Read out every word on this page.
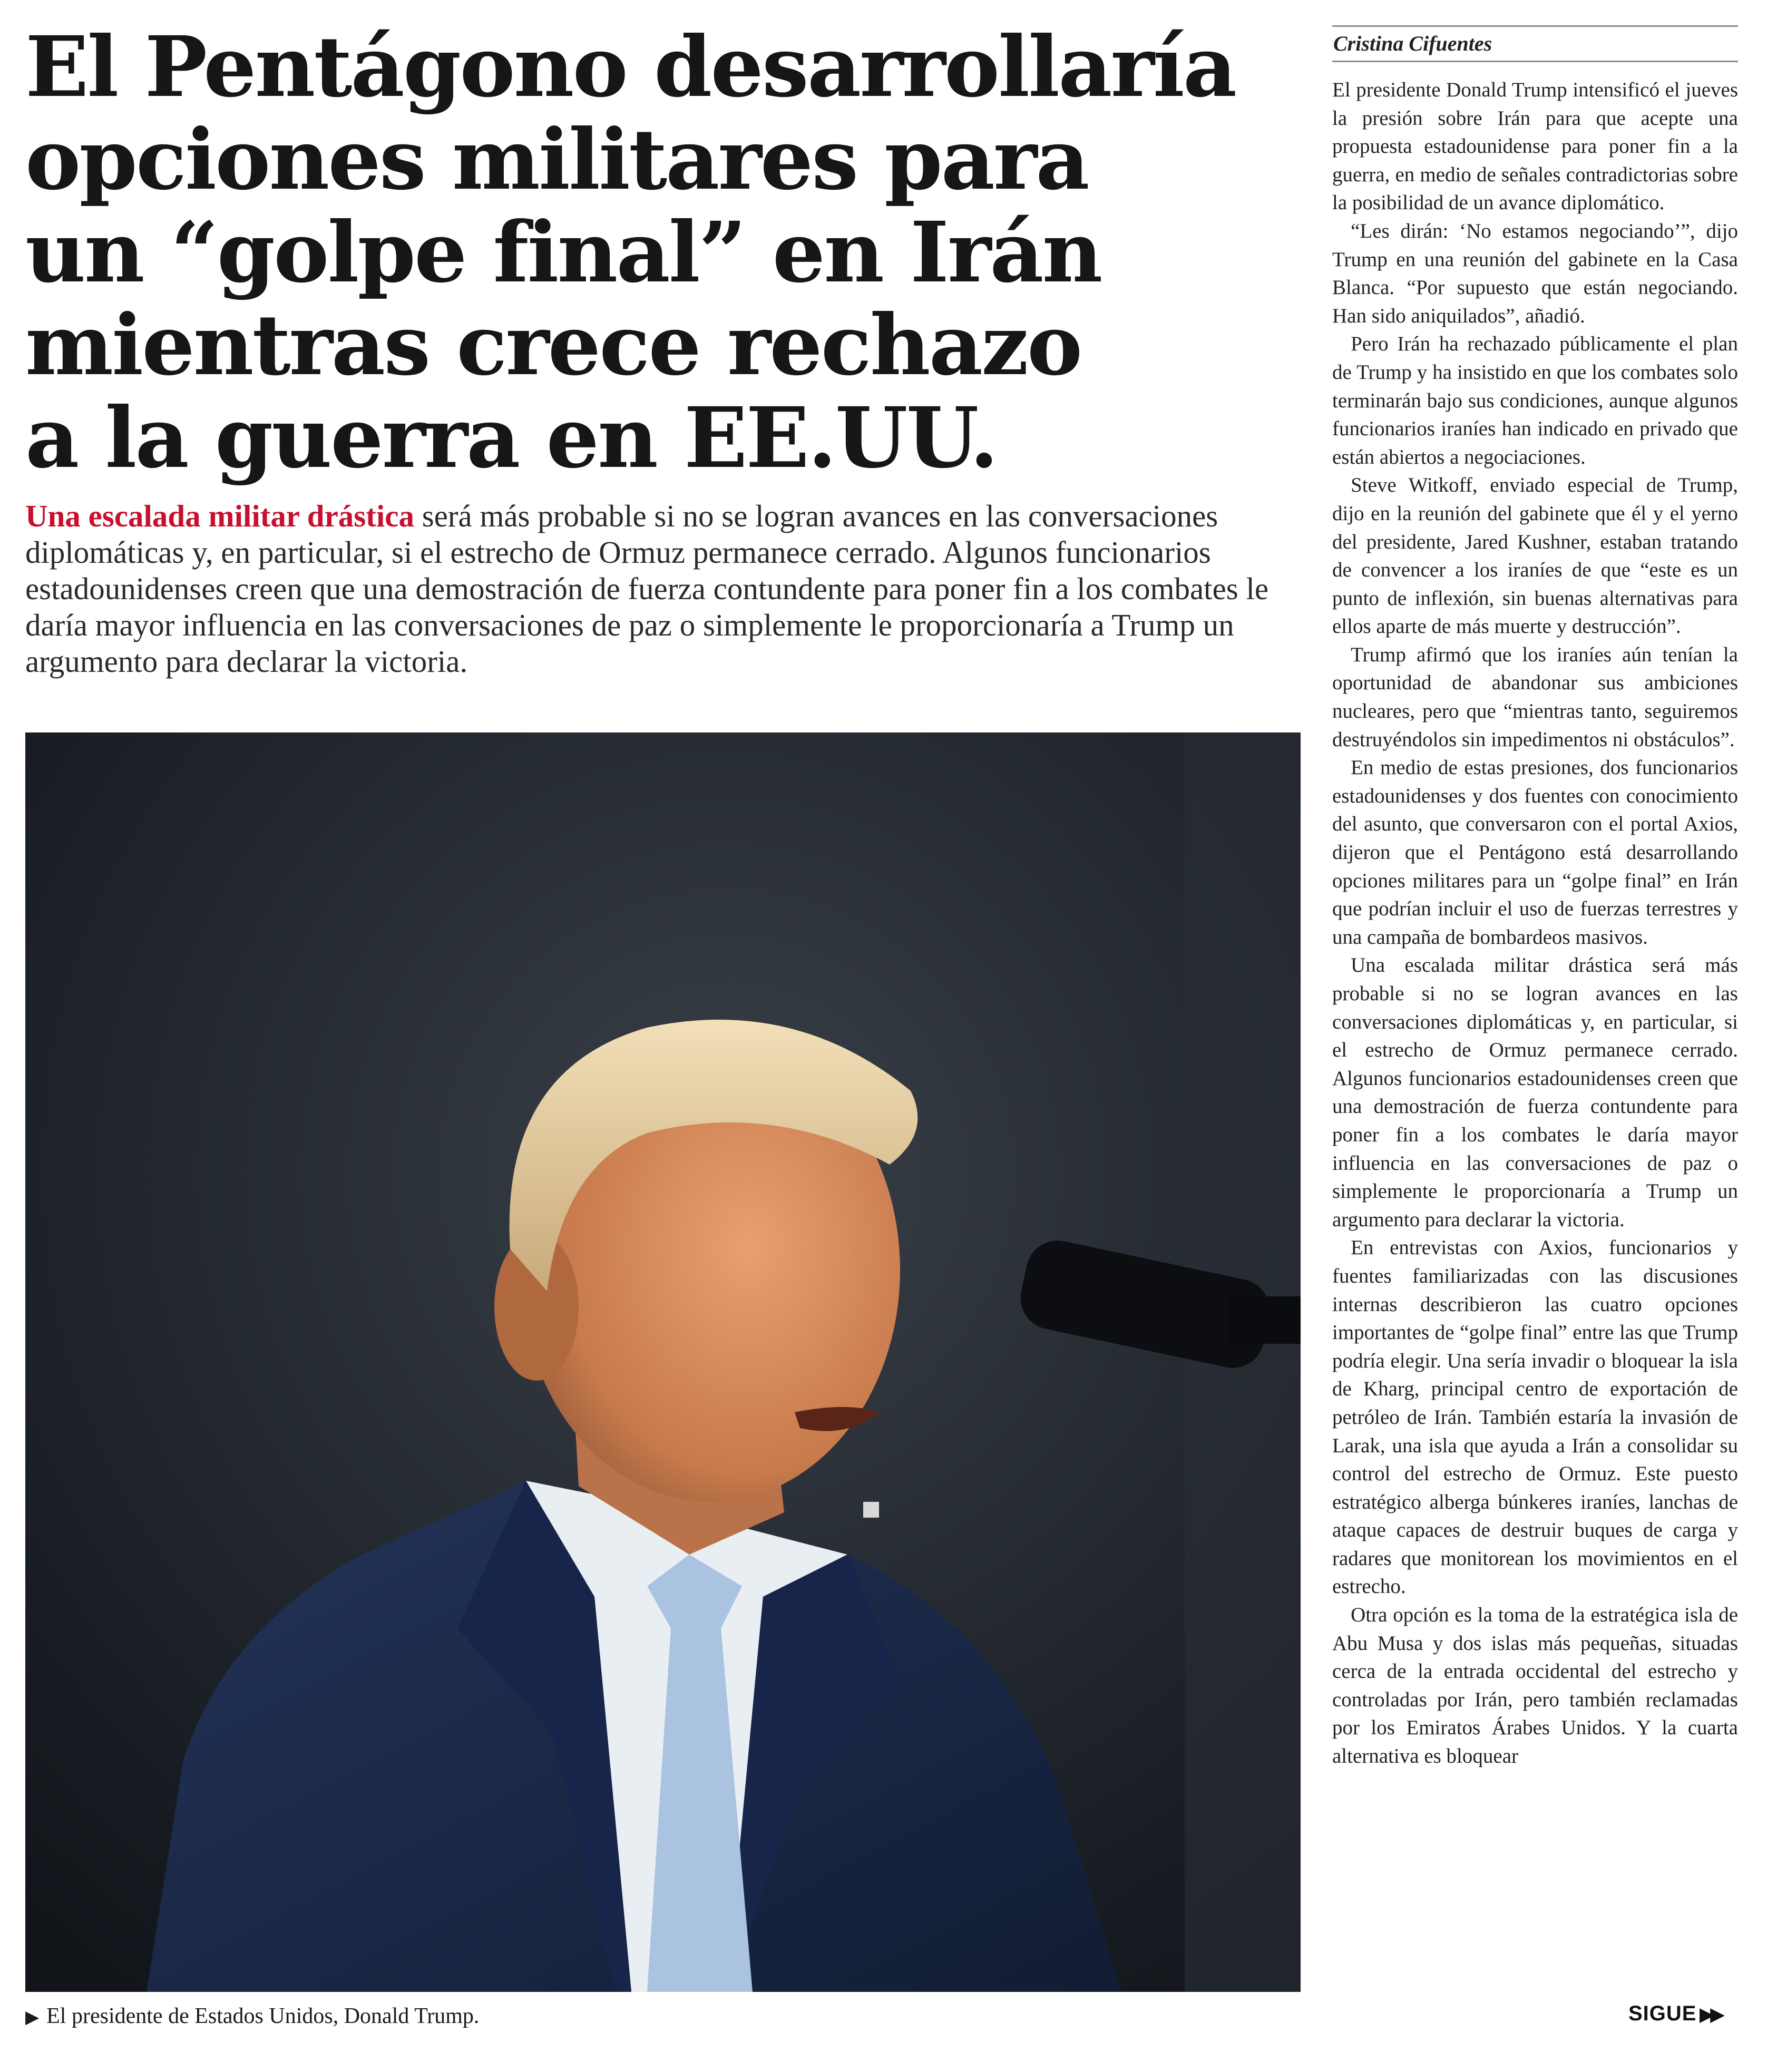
El Pentágono desarrollaría
opciones militares para
un “golpe final” en Irán
mientras crece rechazo
a la guerra en EE.UU.

Una escalada militar drástica será más probable si no se logran avances en las conversaciones diplomáticas y, en particular, si el estrecho de Ormuz permanece cerrado. Algunos funcionarios estadounidenses creen que una demostración de fuerza contundente para poner fin a los combates le daría mayor influencia en las conversaciones de paz o simplemente le proporcionaría a Trump un argumento para declarar la victoria.

▶ El presidente de Estados Unidos, Donald Trump.

Cristina Cifuentes

El presidente Donald Trump intensificó el jueves la presión sobre Irán para que acepte una propuesta estadounidense para poner fin a la guerra, en medio de señales contradictorias sobre la posibilidad de un avance diplomático.

“Les dirán: ‘No estamos negociando’”, dijo Trump en una reunión del gabinete en la Casa Blanca. “Por supuesto que están negociando. Han sido aniquilados”, añadió.

Pero Irán ha rechazado públicamente el plan de Trump y ha insistido en que los combates solo terminarán bajo sus condiciones, aunque algunos funcionarios iraníes han indicado en privado que están abiertos a negociaciones.

Steve Witkoff, enviado especial de Trump, dijo en la reunión del gabinete que él y el yerno del presidente, Jared Kushner, estaban tratando de convencer a los iraníes de que “este es un punto de inflexión, sin buenas alternativas para ellos aparte de más muerte y destrucción”.

Trump afirmó que los iraníes aún tenían la oportunidad de abandonar sus ambiciones nucleares, pero que “mientras tanto, seguiremos destruyéndolos sin impedimentos ni obstáculos”.

En medio de estas presiones, dos funcionarios estadounidenses y dos fuentes con conocimiento del asunto, que conversaron con el portal Axios, dijeron que el Pentágono está desarrollando opciones militares para un “golpe final” en Irán que podrían incluir el uso de fuerzas terrestres y una campaña de bombardeos masivos.

Una escalada militar drástica será más probable si no se logran avances en las conversaciones diplomáticas y, en particular, si el estrecho de Ormuz permanece cerrado. Algunos funcionarios estadounidenses creen que una demostración de fuerza contundente para poner fin a los combates le daría mayor influencia en las conversaciones de paz o simplemente le proporcionaría a Trump un argumento para declarar la victoria.

En entrevistas con Axios, funcionarios y fuentes familiarizadas con las discusiones internas describieron las cuatro opciones importantes de “golpe final” entre las que Trump podría elegir. Una sería invadir o bloquear la isla de Kharg, principal centro de exportación de petróleo de Irán. También estaría la invasión de Larak, una isla que ayuda a Irán a consolidar su control del estrecho de Ormuz. Este puesto estratégico alberga búnkeres iraníes, lanchas de ataque capaces de destruir buques de carga y radares que monitorean los movimientos en el estrecho.

Otra opción es la toma de la estratégica isla de Abu Musa y dos islas más pequeñas, situadas cerca de la entrada occidental del estrecho y controladas por Irán, pero también reclamadas por los Emiratos Árabes Unidos. Y la cuarta alternativa es bloquear

SIGUE ▶▶
